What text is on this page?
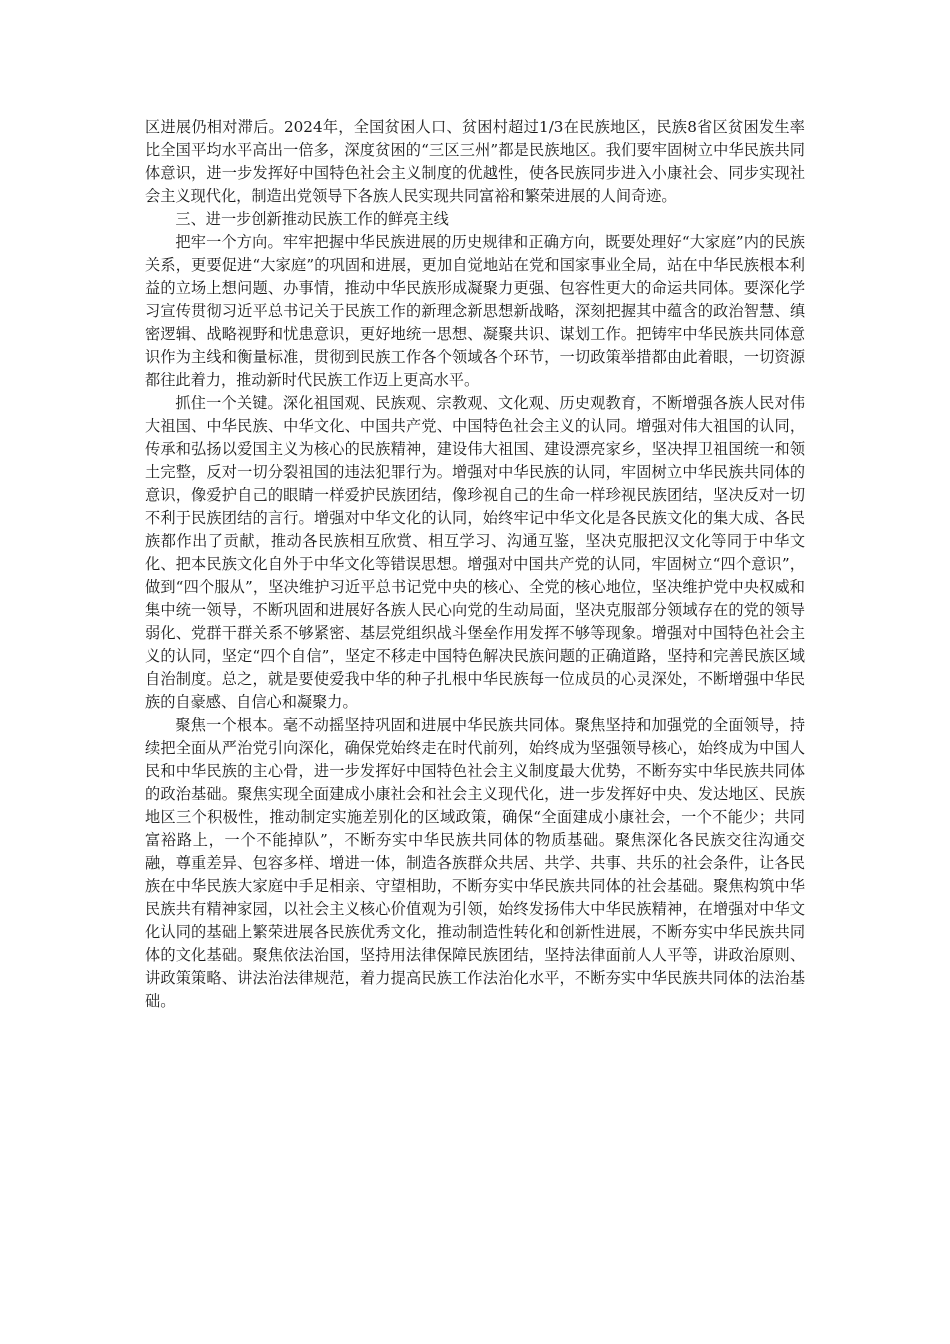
区进展仍相对滞后。2024年，全国贫困人口、贫困村超过1/3在民族地区，民族8省区贫困发生率比全国平均水平高出一倍多，深度贫困的“三区三州”都是民族地区。我们要牢固树立中华民族共同体意识，进一步发挥好中国特色社会主义制度的优越性，使各民族同步进入小康社会、同步实现社会主义现代化，制造出党领导下各族人民实现共同富裕和繁荣进展的人间奇迹。

三、进一步创新推动民族工作的鲜亮主线

把牢一个方向。牢牢把握中华民族进展的历史规律和正确方向，既要处理好“大家庭”内的民族关系，更要促进“大家庭”的巩固和进展，更加自觉地站在党和国家事业全局，站在中华民族根本利益的立场上想问题、办事情，推动中华民族形成凝聚力更强、包容性更大的命运共同体。要深化学习宣传贯彻习近平总书记关于民族工作的新理念新思想新战略，深刻把握其中蕴含的政治智慧、缜密逻辑、战略视野和忧患意识，更好地统一思想、凝聚共识、谋划工作。把铸牢中华民族共同体意识作为主线和衡量标准，贯彻到民族工作各个领域各个环节，一切政策举措都由此着眼，一切资源都往此着力，推动新时代民族工作迈上更高水平。

抓住一个关键。深化祖国观、民族观、宗教观、文化观、历史观教育，不断增强各族人民对伟大祖国、中华民族、中华文化、中国共产党、中国特色社会主义的认同。增强对伟大祖国的认同，传承和弘扬以爱国主义为核心的民族精神，建设伟大祖国、建设漂亮家乡，坚决捍卫祖国统一和领土完整，反对一切分裂祖国的违法犯罪行为。增强对中华民族的认同，牢固树立中华民族共同体的意识，像爱护自己的眼睛一样爱护民族团结，像珍视自己的生命一样珍视民族团结，坚决反对一切不利于民族团结的言行。增强对中华文化的认同，始终牢记中华文化是各民族文化的集大成、各民族都作出了贡献，推动各民族相互欣赏、相互学习、沟通互鉴，坚决克服把汉文化等同于中华文化、把本民族文化自外于中华文化等错误思想。增强对中国共产党的认同，牢固树立“四个意识”，做到“四个服从”，坚决维护习近平总书记党中央的核心、全党的核心地位，坚决维护党中央权威和集中统一领导，不断巩固和进展好各族人民心向党的生动局面，坚决克服部分领域存在的党的领导弱化、党群干群关系不够紧密、基层党组织战斗堡垒作用发挥不够等现象。增强对中国特色社会主义的认同，坚定“四个自信”，坚定不移走中国特色解决民族问题的正确道路，坚持和完善民族区域自治制度。总之，就是要使爱我中华的种子扎根中华民族每一位成员的心灵深处，不断增强中华民族的自豪感、自信心和凝聚力。

聚焦一个根本。毫不动摇坚持巩固和进展中华民族共同体。聚焦坚持和加强党的全面领导，持续把全面从严治党引向深化，确保党始终走在时代前列，始终成为坚强领导核心，始终成为中国人民和中华民族的主心骨，进一步发挥好中国特色社会主义制度最大优势，不断夯实中华民族共同体的政治基础。聚焦实现全面建成小康社会和社会主义现代化，进一步发挥好中央、发达地区、民族地区三个积极性，推动制定实施差别化的区域政策，确保“全面建成小康社会，一个不能少；共同富裕路上，一个不能掉队”，不断夯实中华民族共同体的物质基础。聚焦深化各民族交往沟通交融，尊重差异、包容多样、增进一体，制造各族群众共居、共学、共事、共乐的社会条件，让各民族在中华民族大家庭中手足相亲、守望相助，不断夯实中华民族共同体的社会基础。聚焦构筑中华民族共有精神家园，以社会主义核心价值观为引领，始终发扬伟大中华民族精神，在增强对中华文化认同的基础上繁荣进展各民族优秀文化，推动制造性转化和创新性进展，不断夯实中华民族共同体的文化基础。聚焦依法治国，坚持用法律保障民族团结，坚持法律面前人人平等，讲政治原则、讲政策策略、讲法治法律规范，着力提高民族工作法治化水平，不断夯实中华民族共同体的法治基础。
